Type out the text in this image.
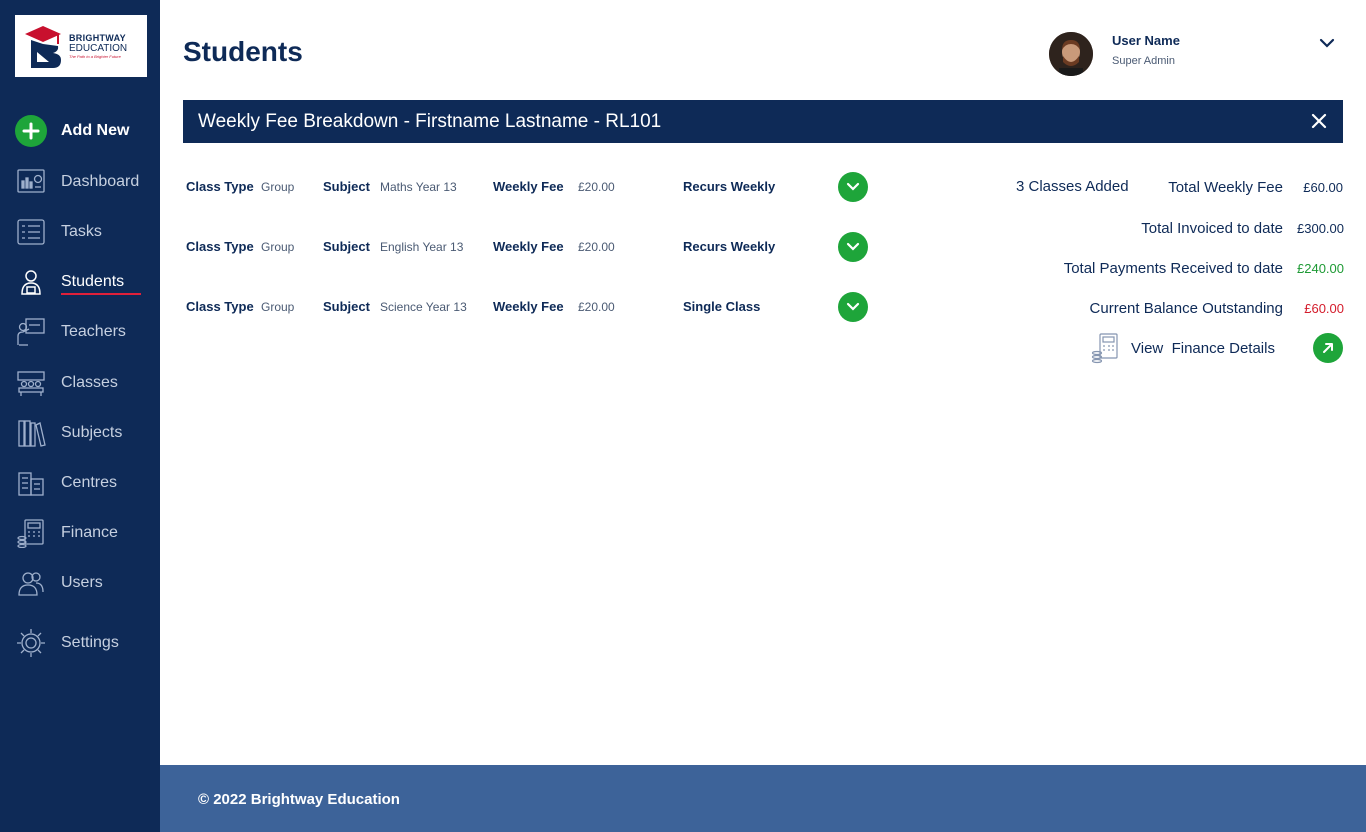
BRIGHTWAY
EDUCATION
The Path to a Brighter Future
Add New
Dashboard
Tasks
Students
Teachers
Classes
Subjects
Centres
Finance
Users
Settings
Students	User Name
Super Admin
Weekly Fee Breakdown - Firstname Lastname - RL101
Class Type Group Subject Maths Year 13	Weekly Fee £20.00	Recurs Weekly
Class Type Group Subject English Year 13 Weekly Fee £20.00	Recurs Weekly
Class Type Group Subject Science Year 13 Weekly Fee £20.00	Single Class
3 Classes Added	Total Weekly Fee £60.00
Total Invoiced to date £300.00
Total Payments Received to date £240.00
Current Balance Outstanding £60.00
View  Finance Details
© 2022 Brightway Education
